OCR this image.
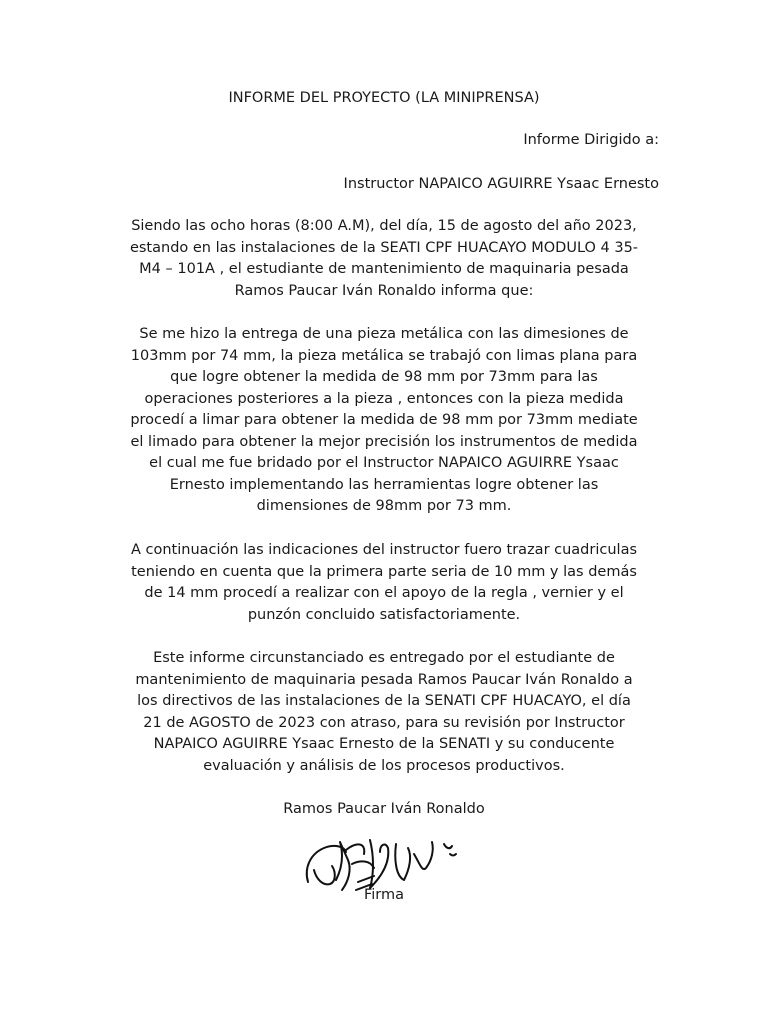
INFORME DEL PROYECTO (LA MINIPRENSA)
Informe Dirigido a:
Instructor NAPAICO AGUIRRE Ysaac Ernesto
Siendo las ocho horas (8:00 A.M), del día, 15 de agosto del año 2023,
estando en las instalaciones de la SEATI CPF HUACAYO MODULO 4 35-
M4 – 101A , el estudiante de mantenimiento de maquinaria pesada
Ramos Paucar Iván Ronaldo informa que:
Se me hizo la entrega de una pieza metálica con las dimesiones de
103mm por 74 mm, la pieza metálica se trabajó con limas plana para
que logre obtener la medida de 98 mm por 73mm para las
operaciones posteriores a la pieza , entonces con la pieza medida
procedí a limar para obtener la medida de 98 mm por 73mm mediate
el limado para obtener la mejor precisión los instrumentos de medida
el cual me fue bridado por el Instructor NAPAICO AGUIRRE Ysaac
Ernesto implementando las herramientas logre obtener las
dimensiones de 98mm por 73 mm.
A continuación las indicaciones del instructor fuero trazar cuadriculas
teniendo en cuenta que la primera parte seria de 10 mm y las demás
de 14 mm procedí a realizar con el apoyo de la regla , vernier y el
punzón concluido satisfactoriamente.
Este informe circunstanciado es entregado por el estudiante de
mantenimiento de maquinaria pesada Ramos Paucar Iván Ronaldo a
los directivos de las instalaciones de la SENATI CPF HUACAYO, el día
21 de AGOSTO de 2023 con atraso, para su revisión por Instructor
NAPAICO AGUIRRE Ysaac Ernesto de la SENATI y su conducente
evaluación y análisis de los procesos productivos.
Ramos Paucar Iván Ronaldo
Firma
